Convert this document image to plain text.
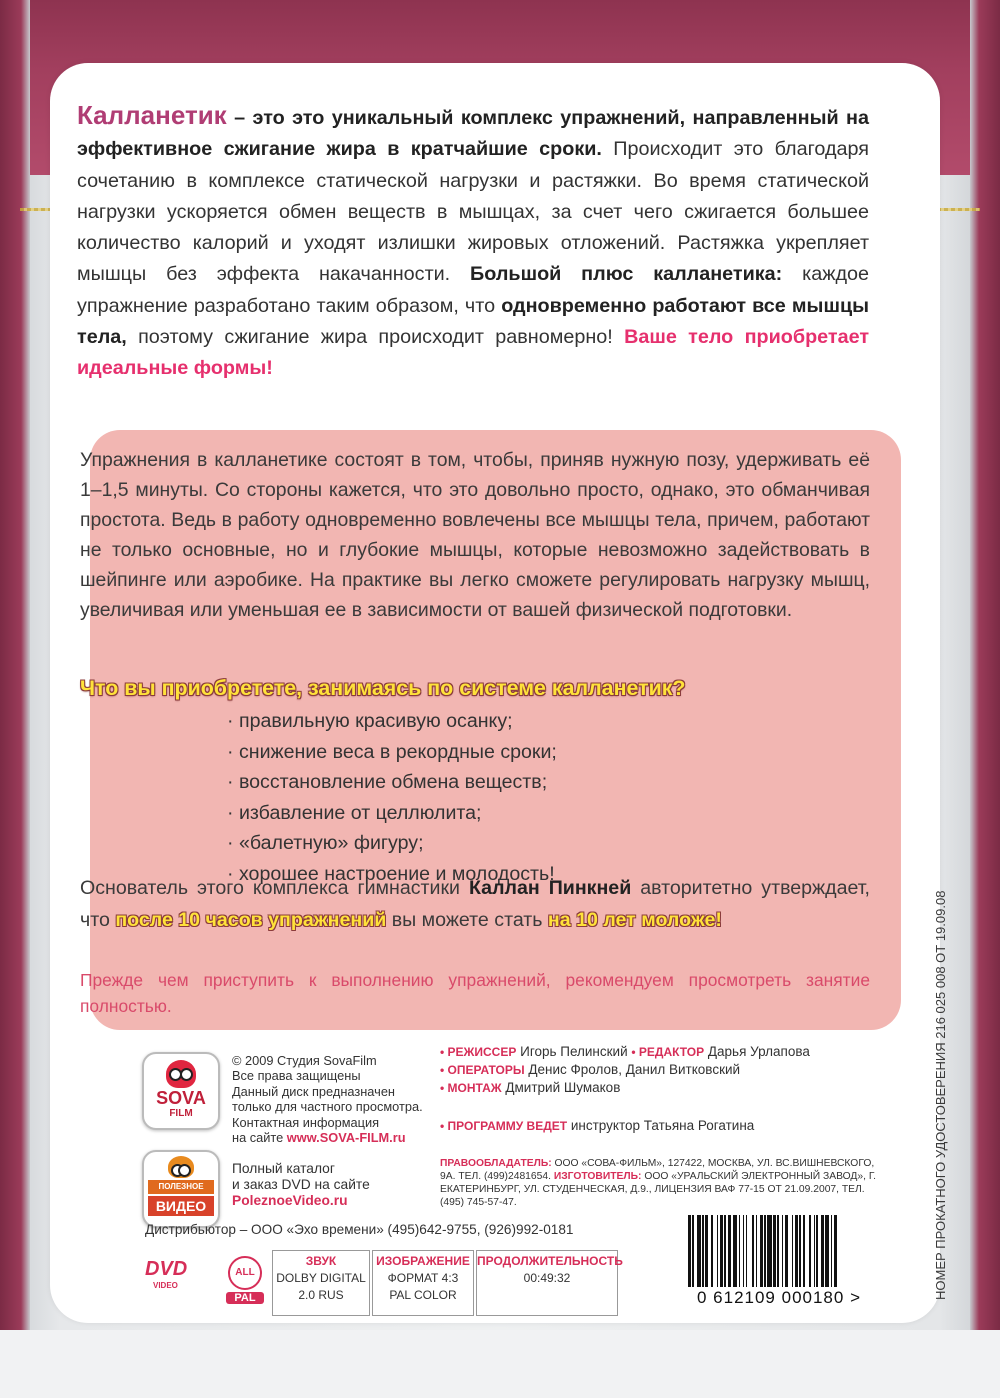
Калланетик – это это уникальный комплекс упражнений, направленный на эффективное сжигание жира в кратчайшие сроки. Происходит это благодаря сочетанию в комплексе статической нагрузки и растяжки. Во время статической нагрузки ускоряется обмен веществ в мышцах, за счет чего сжигается большее количество калорий и уходят излишки жировых отложений. Растяжка укрепляет мышцы без эффекта накачанности. Большой плюс калланетика: каждое упражнение разработано таким образом, что одновременно работают все мышцы тела, поэтому сжигание жира происходит равномерно! Ваше тело приобретает идеальные формы!
Упражнения в калланетике состоят в том, чтобы, приняв нужную позу, удерживать её 1–1,5 минуты. Со стороны кажется, что это довольно просто, однако, это обманчивая простота. Ведь в работу одновременно вовлечены все мышцы тела, причем, работают не только основные, но и глубокие мышцы, которые невозможно задействовать в шейпинге или аэробике. На практике вы легко сможете регулировать нагрузку мышц, увеличивая или уменьшая ее в зависимости от вашей физической подготовки.
Что вы приобретете, занимаясь по системе калланетик?
· правильную красивую осанку;
· снижение веса в рекордные сроки;
· восстановление обмена веществ;
· избавление от целлюлита;
· «балетную» фигуру;
· хорошее настроение и молодость!
Основатель этого комплекса гимнастики Каллан Пинкней авторитетно утверждает, что после 10 часов упражнений вы можете стать на 10 лет моложе!
Прежде чем приступить к выполнению упражнений, рекомендуем просмотреть занятие полностью.
SOVA
FILM
ПОЛЕЗНОЕ
ВИДЕО
© 2009 Студия SovaFilm
Все права защищены
Данный диск предназначен
только для частного просмотра.
Контактная информация
на сайте www.SOVA-FILM.ru
Полный каталог
и заказ DVD на сайте
PoleznoeVideo.ru
• РЕЖИССЕР Игорь Пелинский • РЕДАКТОР Дарья Урлапова
• ОПЕРАТОРЫ Денис Фролов, Данил Витковский
• МОНТАЖ Дмитрий Шумаков
• ПРОГРАММУ ВЕДЕТ инструктор Татьяна Рогатина
ПРАВООБЛАДАТЕЛЬ: ООО «СОВА-ФИЛЬМ», 127422, МОСКВА, УЛ. ВС.ВИШНЕВСКОГО, 9А. ТЕЛ. (499)2481654. ИЗГОТОВИТЕЛЬ: ООО «УРАЛЬСКИЙ ЭЛЕКТРОННЫЙ ЗАВОД», Г. ЕКАТЕРИНБУРГ, УЛ. СТУДЕНЧЕСКАЯ, Д.9., ЛИЦЕНЗИЯ ВАФ 77-15 ОТ 21.09.2007, ТЕЛ. (495) 745-57-47.
Дистрибьютор – ООО «Эхо времени» (495)642-9755, (926)992-0181
DVD
VIDEO
ALL
PAL
ЗВУК
DOLBY DIGITAL
2.0 RUS
ИЗОБРАЖЕНИЕ
ФОРМАТ 4:3
PAL COLOR
ПРОДОЛЖИТЕЛЬНОСТЬ
00:49:32
0 612109 000180 >	НОМЕР ПРОКАТНОГО УДОСТОВЕРЕНИЯ 216 025 008 ОТ 19.09.08
